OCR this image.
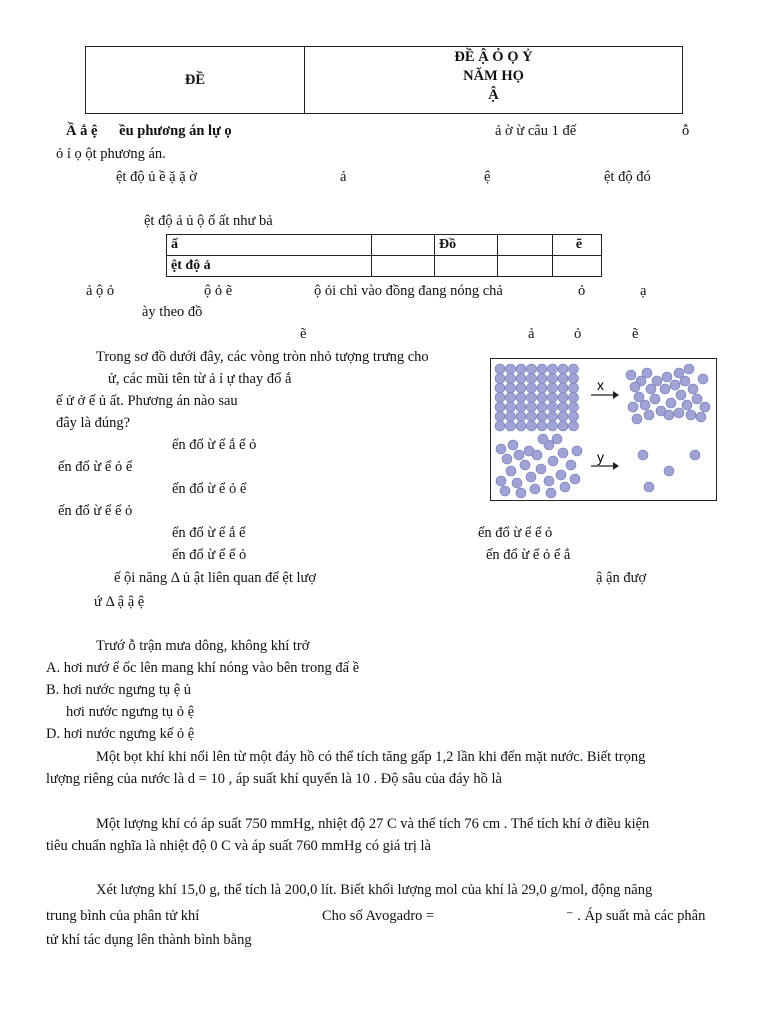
ĐỀ	
ĐỀ Ậ Ỏ Ọ Ỷ
NĂM HỌ
Ậ
Ầ ắ ệ ều phương án lự ọ	ả ờ ừ câu 1 đế	ỗ
ỏ ỉ ọ ột phương án.
ệt độ ủ ề ặ ặ ờ	ả	ệ	ệt độ đó
ệt độ ả ủ ộ ố ất như bả
ấ		Đồ		ẽ
ệt độ ả				
ả ộ ỏ	ộ ỏ ẽ	ộ ỏi chì vào đồng đang nóng chả	ỏ	ạ
ày theo đồ
ẽ	ả	ỏ	ẽ
Trong sơ đồ dưới đây, các vòng tròn nhỏ tượng trưng cho
ử, các mũi tên từ ả ỉ ự thay đổ ắ
ế ử ở ế ủ ất. Phương án nào sau
đây là đúng?
ến đổ ừ ể ắ ể ỏ
ến đổ ừ ể ỏ ể
ến đổ ừ ể ỏ ể
ến đổ ừ ể ể ỏ
ến đổ ừ ể ắ ể	ến đổ ừ ể ể ỏ
ến đổ ừ ể ể ỏ	ến đổ ừ ể ỏ ể ắ
x
y
ế ội năng Δ ủ ật liên quan đế ệt lượ	ậ ận đượ
ứ Δ ậ ậ ệ
Trướ ỗ trận mưa dông, không khí trở
A. hơi nướ ể ốc lên mang khí nóng vào bên trong đấ ề
B. hơi nước ngưng tụ ệ ủ
hơi nước ngưng tụ ỏ ệ
D. hơi nước ngưng kế ỏ ệ
Một bọt khí khi nổi lên từ một đáy hồ có thể tích tăng gấp 1,2 lần khi đến mặt nước. Biết trọng
lượng riêng của nước là d = 10 , áp suất khí quyển là 10 . Độ sâu của đáy hồ là
Một lượng khí có áp suất 750 mmHg, nhiệt độ 27 C và thể tích 76 cm . Thể tích khí ở điều kiện
tiêu chuẩn nghĩa là nhiệt độ 0 C và áp suất 760 mmHg có giá trị là
Xét lượng khí 15,0 g, thể tích là 200,0 lít. Biết khối lượng mol của khí là 29,0 g/mol, động năng
trung bình của phân tử khí	Cho số Avogadro =	⁻ . Áp suất mà các phân
tử khí tác dụng lên thành bình bằng
